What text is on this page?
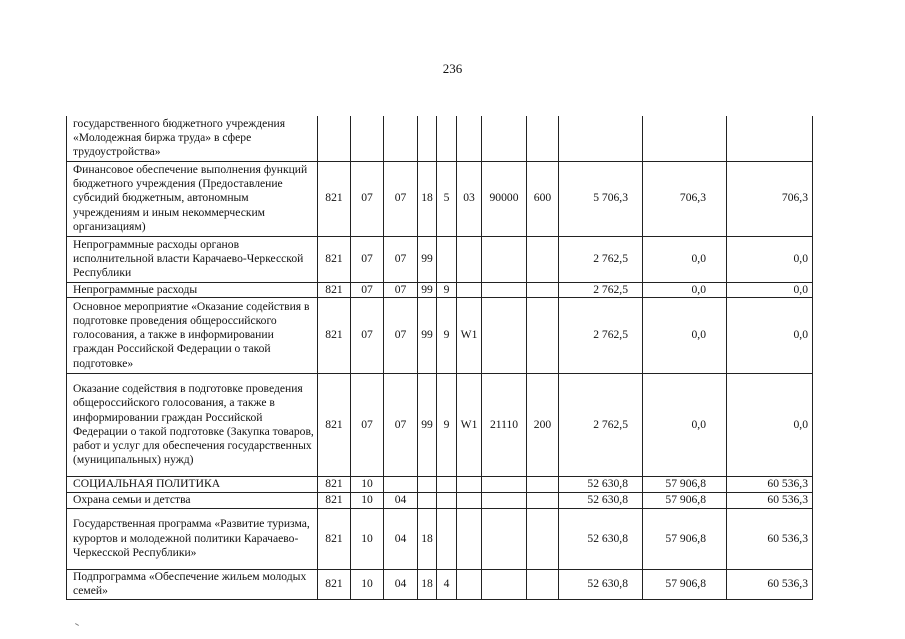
236
государственного бюджетного учреждения «Молодежная биржа труда» в сфере трудоустройства»											
Финансовое обеспечение выполнения функций бюджетного учреждения (Предоставление субсидий бюджетным, автономным учреждениям и иным некоммерческим организациям)	821	07	07	18	5	03	90000	600	5 706,3	706,3	706,3
Непрограммные расходы органов исполнительной власти Карачаево-Черкесской Республики	821	07	07	99					2 762,5	0,0	0,0
Непрограммные расходы	821	07	07	99	9				2 762,5	0,0	0,0
Основное мероприятие «Оказание содействия в подготовке проведения общероссийского голосования, а также в информировании граждан Российской Федерации о такой подготовке»	821	07	07	99	9	W1			2 762,5	0,0	0,0
Оказание содействия в подготовке проведения общероссийского голосования, а также в информировании граждан Российской Федерации о такой подготовке (Закупка товаров, работ и услуг для обеспечения государственных (муниципальных) нужд)	821	07	07	99	9	W1	21110	200	2 762,5	0,0	0,0
СОЦИАЛЬНАЯ ПОЛИТИКА	821	10							52 630,8	57 906,8	60 536,3
Охрана семьи и детства	821	10	04						52 630,8	57 906,8	60 536,3
Государственная программа «Развитие туризма, курортов и молодежной политики Карачаево-Черкесской Республики»	821	10	04	18					52 630,8	57 906,8	60 536,3
Подпрограмма «Обеспечение жильем молодых семей»	821	10	04	18	4				52 630,8	57 906,8	60 536,3
